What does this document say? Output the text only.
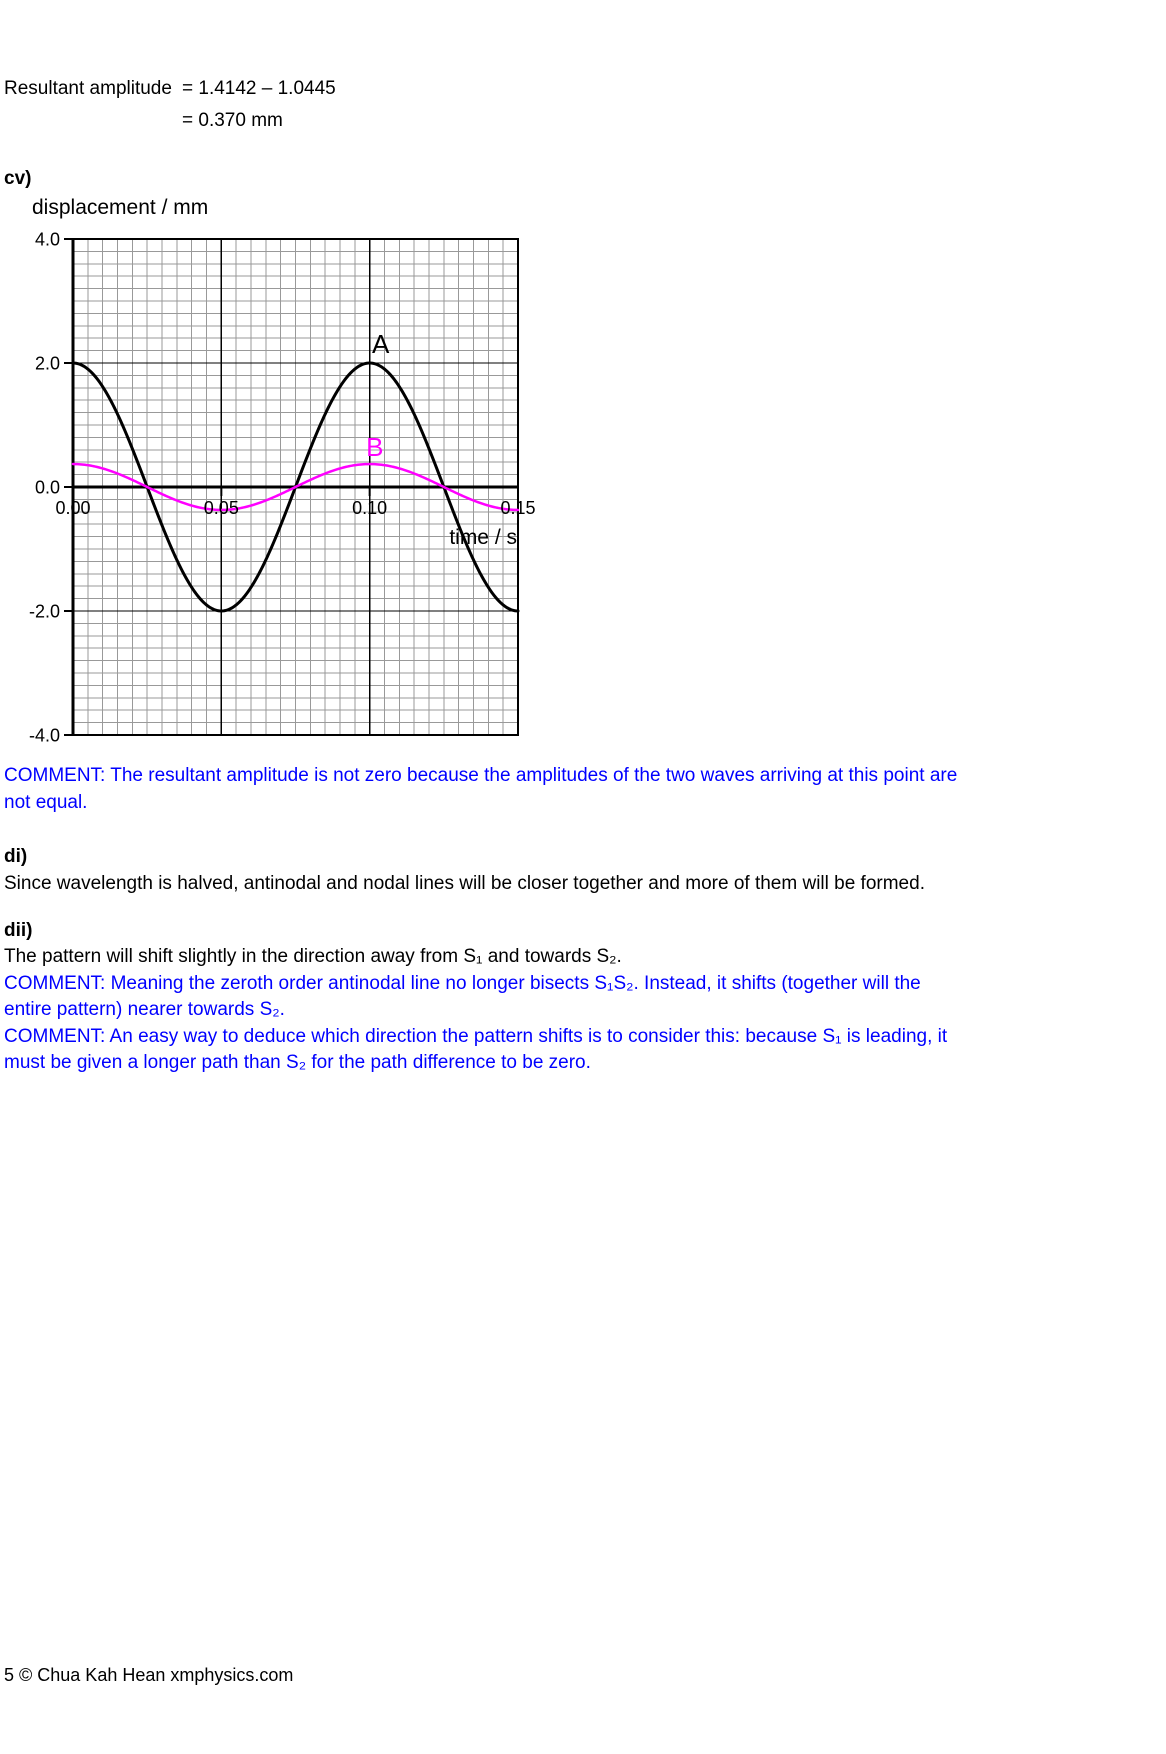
Resultant amplitude = 1.4142 – 1.0445
= 0.370 mm
cv)
displacement / mm
0.00	0.05	0.10	0.15
4.0
2.0
0.0
-2.0
-4.0
time / s
A
B
COMMENT: The resultant amplitude is not zero because the amplitudes of the two waves arriving at this point are
not equal.
di)
Since wavelength is halved, antinodal and nodal lines will be closer together and more of them will be formed.
dii)
The pattern will shift slightly in the direction away from S₁ and towards S₂.
COMMENT: Meaning the zeroth order antinodal line no longer bisects S₁S₂. Instead, it shifts (together will the
entire pattern) nearer towards S₂.
COMMENT: An easy way to deduce which direction the pattern shifts is to consider this: because S₁ is leading, it
must be given a longer path than S₂ for the path difference to be zero.
5 © Chua Kah Hean xmphysics.com
